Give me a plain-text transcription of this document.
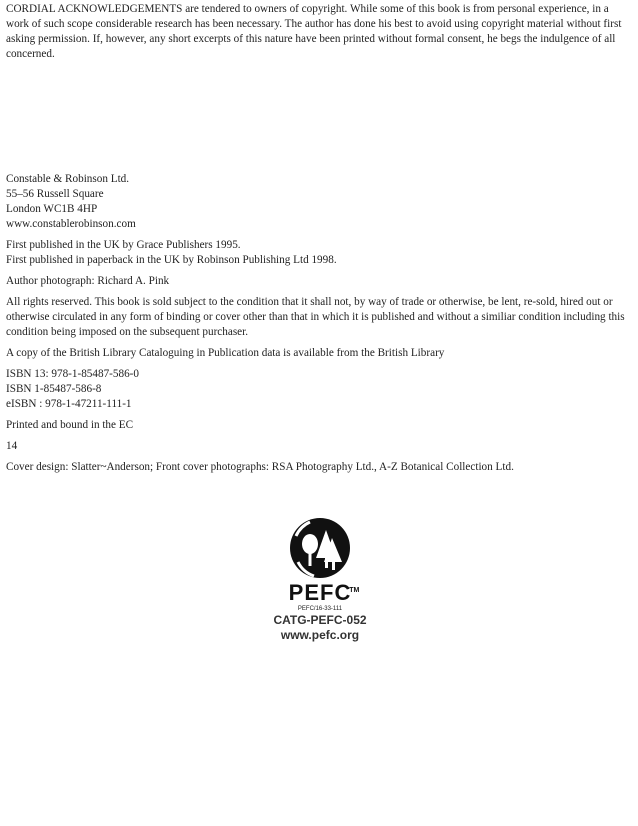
CORDIAL ACKNOWLEDGEMENTS are tendered to owners of copyright. While some of this book is from personal experience, in a work of such scope considerable research has been necessary. The author has done his best to avoid using copyright material without first asking permission. If, however, any short excerpts of this nature have been printed without formal consent, he begs the indulgence of all concerned.

Constable & Robinson Ltd.

55–56 Russell Square

London WC1B 4HP

www.constablerobinson.com

First published in the UK by Grace Publishers 1995.

First published in paperback in the UK by Robinson Publishing Ltd 1998.

Author photograph: Richard A. Pink

All rights reserved. This book is sold subject to the condition that it shall not, by way of trade or otherwise, be lent, re-sold, hired out or otherwise circulated in any form of binding or cover other than that in which it is published and without a similiar condition including this condition being imposed on the subsequent purchaser.

A copy of the British Library Cataloguing in Publication data is available from the British Library

ISBN 13: 978-1-85487-586-0

ISBN 1-85487-586-8

eISBN : 978-1-47211-111-1

Printed and bound in the EC

14

Cover design: Slatter~Anderson; Front cover photographs: RSA Photography Ltd., A-Z Botanical Collection Ltd.

PEFC
TM
PEFC/16-33-111
CATG-PEFC-052
www.pefc.org
